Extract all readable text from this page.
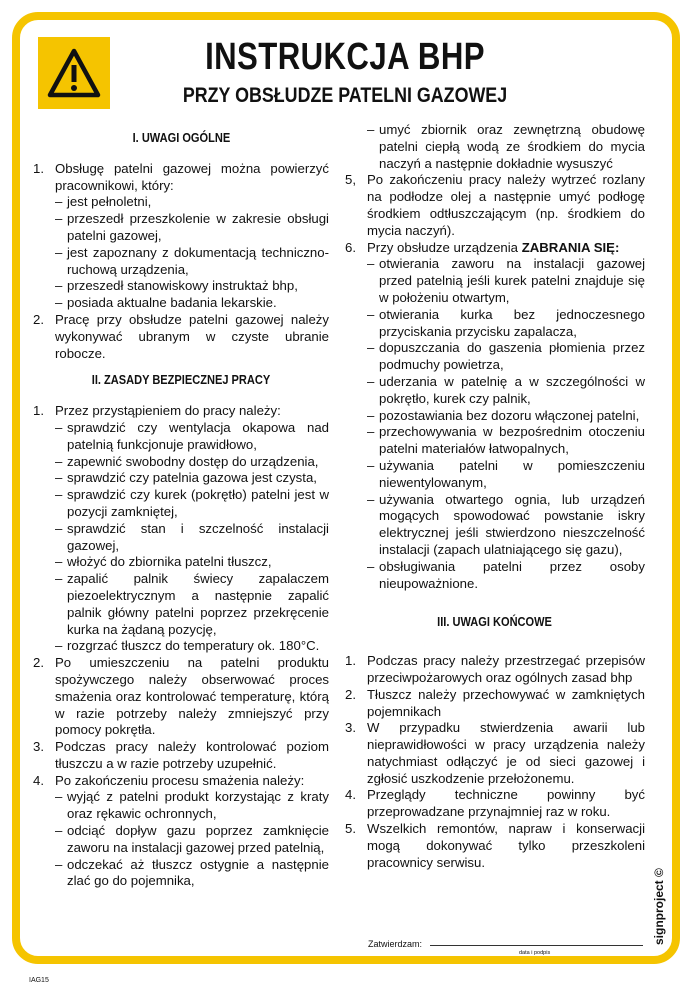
INSTRUKCJA BHP
PRZY OBSŁUDZE PATELNI GAZOWEJ
I. UWAGI OGÓLNE
1. Obsługę patelni gazowej można powierzyć pracownikowi, który:
– jest pełnoletni,
– przeszedł przeszkolenie w zakresie obsługi patelni gazowej,
– jest zapoznany z dokumentacją techniczno-ruchową urządzenia,
– przeszedł stanowiskowy instruktaż bhp,
– posiada aktualne badania lekarskie.
2. Pracę przy obsłudze patelni gazowej należy wykonywać ubranym w czyste ubranie robocze.
II. ZASADY BEZPIECZNEJ PRACY
1. Przez przystąpieniem do pracy należy:
– sprawdzić czy wentylacja okapowa nad patelnią funkcjonuje prawidłowo,
– zapewnić swobodny dostęp do urządzenia,
– sprawdzić czy patelnia gazowa jest czysta,
– sprawdzić czy kurek (pokrętło) patelni jest w pozycji zamkniętej,
– sprawdzić stan i szczelność instalacji gazowej,
– włożyć do zbiornika patelni tłuszcz,
– zapalić palnik świecy zapalaczem piezoelektrycznym a następnie zapalić palnik główny patelni poprzez przekręcenie kurka na żądaną pozycję,
– rozgrzać tłuszcz do temperatury ok. 180°C.
2. Po umieszczeniu na patelni produktu spożywczego należy obserwować proces smażenia oraz kontrolować temperaturę, którą w razie potrzeby należy zmniejszyć przy pomocy pokrętła.
3. Podczas pracy należy kontrolować poziom tłuszczu a w razie potrzeby uzupełnić.
4. Po zakończeniu procesu smażenia należy:
– wyjąć z patelni produkt korzystając z kraty oraz rękawic ochronnych,
– odciąć dopływ gazu poprzez zamknięcie zaworu na instalacji gazowej przed patelnią,
– odczekać aż tłuszcz ostygnie a następnie zlać go do pojemnika,
– umyć zbiornik oraz zewnętrzną obudowę patelni ciepłą wodą ze środkiem do mycia naczyń a następnie dokładnie wysuszyć
5, Po zakończeniu pracy należy wytrzeć rozlany na podłodze olej a następnie umyć podłogę środkiem odtłuszczającym (np. środkiem do mycia naczyń).
6. Przy obsłudze urządzenia ZABRANIA SIĘ:
– otwierania zaworu na instalacji gazowej przed patelnią jeśli kurek patelni znajduje się w położeniu otwartym,
– otwierania kurka bez jednoczesnego przyciskania przycisku zapalacza,
– dopuszczania do gaszenia płomienia przez podmuchy powietrza,
– uderzania w patelnię a w szczególności w pokrętło, kurek czy palnik,
– pozostawiania bez dozoru włączonej patelni,
– przechowywania w bezpośrednim otoczeniu patelni materiałów łatwopalnych,
– używania patelni w pomieszczeniu niewentylowanym,
– używania otwartego ognia, lub urządzeń mogących spowodować powstanie iskry elektrycznej jeśli stwierdzono nieszczelność instalacji (zapach ulatniającego się gazu),
– obsługiwania patelni przez osoby nieupoważnione.
III. UWAGI KOŃCOWE
1. Podczas pracy należy przestrzegać przepisów przeciwpożarowych oraz ogólnych zasad bhp
2. Tłuszcz należy przechowywać w zamkniętych pojemnikach
3. W przypadku stwierdzenia awarii lub nieprawidłowości w pracy urządzenia należy natychmiast odłączyć je od sieci gazowej i zgłosić uszkodzenie przełożonemu.
4. Przeglądy techniczne powinny być przeprowadzane przynajmniej raz w roku.
5. Wszelkich remontów, napraw i konserwacji mogą dokonywać tylko przeszkoleni pracownicy serwisu.
Zatwierdzam:
data i podpis
signproject ©
IAG15
